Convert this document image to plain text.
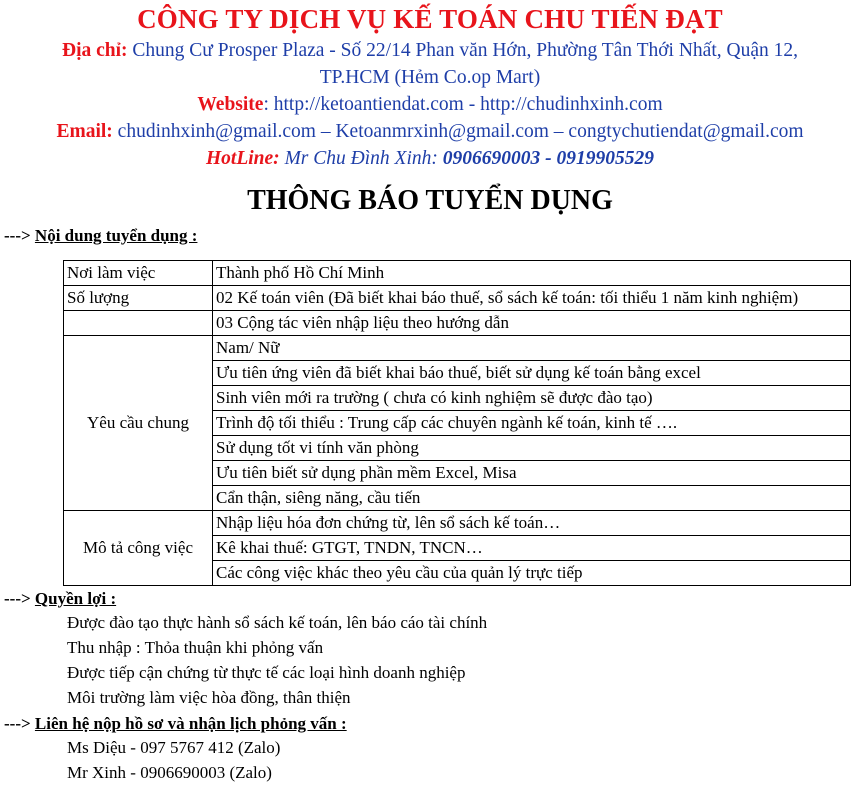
CÔNG TY DỊCH VỤ KẾ TOÁN CHU TIẾN ĐẠT
Địa chỉ: Chung Cư Prosper Plaza - Số 22/14 Phan văn Hớn, Phường Tân Thới Nhất, Quận 12,
TP.HCM (Hẻm Co.op Mart)
Website: http://ketoantiendat.com - http://chudinhxinh.com
Email: chudinhxinh@gmail.com – Ketoanmrxinh@gmail.com – congtychutiendat@gmail.com
HotLine: Mr Chu Đình Xinh: 0906690003 - 0919905529
THÔNG BÁO TUYỂN DỤNG
---> Nội dung tuyển dụng :
Nơi làm việc	Thành phố Hồ Chí Minh
Số lượng	02 Kế toán viên (Đã biết khai báo thuế, sổ sách kế toán: tối thiểu 1 năm kinh nghiệm)
	03 Cộng tác viên nhập liệu theo hướng dẫn
Yêu cầu chung	Nam/ Nữ
	Ưu tiên ứng viên đã biết khai báo thuế, biết sử dụng kế toán bằng excel
	Sinh viên mới ra trường ( chưa có kinh nghiệm sẽ được đào tạo)
	Trình độ tối thiểu : Trung cấp các chuyên ngành kế toán, kinh tế ….
	Sử dụng tốt vi tính văn phòng
	Ưu tiên biết sử dụng phần mềm Excel, Misa
	Cẩn thận, siêng năng, cầu tiến
Mô tả công việc	Nhập liệu hóa đơn chứng từ, lên sổ sách kế toán…
	Kê khai thuế: GTGT, TNDN, TNCN…
	Các công việc khác theo yêu cầu của quản lý trực tiếp
---> Quyền lợi :
Được đào tạo thực hành sổ sách kế toán, lên báo cáo tài chính
Thu nhập : Thỏa thuận khi phỏng vấn
Được tiếp cận chứng từ thực tế các loại hình doanh nghiệp
Môi trường làm việc hòa đồng, thân thiện
---> Liên hệ nộp hồ sơ và nhận lịch phỏng vấn :
Ms Diệu - 097 5767 412 (Zalo)
Mr Xinh - 0906690003 (Zalo)
